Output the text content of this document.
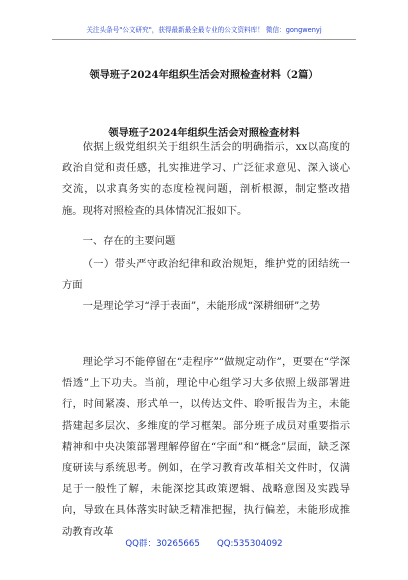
关注头条号"公文研究"，获得最新最全最专业的公文资料库！ 微信：gongwenyj
领导班子2024年组织生活会对照检查材料（2篇）
领导班子2024年组织生活会对照检查材料

依据上级党组织关于组织生活会的明确指示，xx以高度的政治自觉和责任感，扎实推进学习、广泛征求意见、深入谈心交流，以求真务实的态度检视问题，剖析根源，制定整改措施。现将对照检查的具体情况汇报如下。

一、存在的主要问题

（一）带头严守政治纪律和政治规矩，维护党的团结统一方面

一是理论学习“浮于表面”，未能形成“深耕细研”之势

理论学习不能停留在“走程序”“做规定动作”，更要在“学深悟透”上下功夫。当前，理论中心组学习大多依照上级部署进行，时间紧凑、形式单一，以传达文件、聆听报告为主，未能搭建起多层次、多维度的学习框架。部分班子成员对重要指示精神和中央决策部署理解停留在“字面”和“概念”层面，缺乏深度研读与系统思考。例如，在学习教育改革相关文件时，仅满足于一般性了解，未能深挖其政策逻辑、战略意图及实践导向，导致在具体落实时缺乏精准把握，执行偏差，未能形成推动教育改革

QQ群：30265665　　QQ:535304092
